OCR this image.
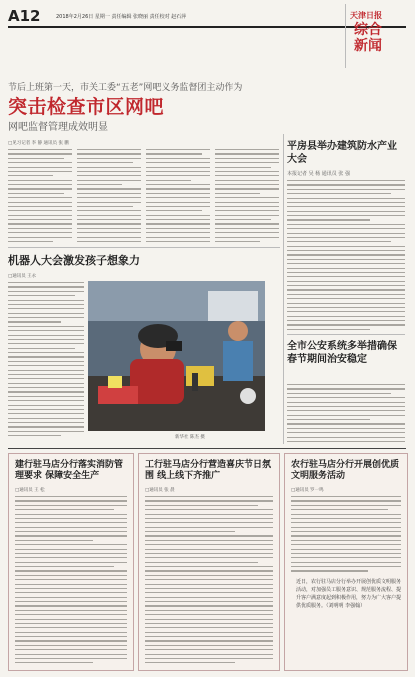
A12	2018年2月26日 星期一 责任编辑 张晓丽 责任校对 赵石萍	天津日报
综合新闻
节后上班第一天，市关工委“五老”网吧义务监督团主动作为
突击检查市区网吧
网吧监督管理成效明显
□见习记者 李 静 通讯员 张 鹏	平房县举办建筑防水产业大会
本报记者 吴 杨 通讯员 张 强
全市公安系统多举措确保春节期间治安稳定
机器人大会激发孩子想象力
□通讯员 王永
新华社 陈杰 摄
建行驻马店分行落实消防管理要求 保障安全生产
□通讯员 王 松
工行驻马店分行营造喜庆节日氛围 线上线下齐推广
□通讯员 张 晨
农行驻马店分行开展创优质文明服务活动
□通讯员 罗一鸣
近日，农行驻马店分行举办开展创优质文明服务活动，对加强员工服务意识、规范服务流程、提升客户满意度起到积极作用，努力为广大客户提供优质服务。（刘明明 李强翰）
